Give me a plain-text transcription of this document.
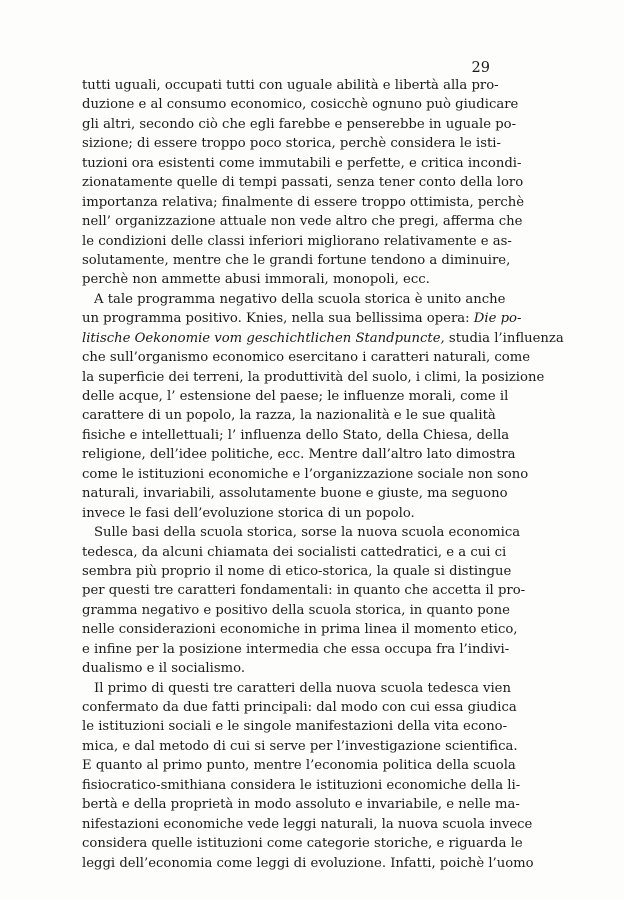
29
tutti uguali, occupati tutti con uguale abilità e libertà alla pro-
duzione e al consumo economico, cosicchè ognuno può giudicare
gli altri, secondo ciò che egli farebbe e penserebbe in uguale po-
sizione; di essere troppo poco storica, perchè considera le isti-
tuzioni ora esistenti come immutabili e perfette, e critica incondi-
zionatamente quelle di tempi passati, senza tener conto della loro
importanza relativa; finalmente di essere troppo ottimista, perchè
nell’ organizzazione attuale non vede altro che pregi, afferma che
le condizioni delle classi inferiori migliorano relativamente e as-
solutamente, mentre che le grandi fortune tendono a diminuire,
perchè non ammette abusi immorali, monopoli, ecc.
A tale programma negativo della scuola storica è unito anche
un programma positivo. Knies, nella sua bellissima opera: Die po-
litische Oekonomie vom geschichtlichen Standpuncte, studia l’influenza
che sull’organismo economico esercitano i caratteri naturali, come
la superficie dei terreni, la produttività del suolo, i climi, la posizione
delle acque, l’ estensione del paese; le influenze morali, come il
carattere di un popolo, la razza, la nazionalità e le sue qualità
fisiche e intellettuali; l’ influenza dello Stato, della Chiesa, della
religione, dell’idee politiche, ecc. Mentre dall’altro lato dimostra
come le istituzioni economiche e l’organizzazione sociale non sono
naturali, invariabili, assolutamente buone e giuste, ma seguono
invece le fasi dell’evoluzione storica di un popolo.
Sulle basi della scuola storica, sorse la nuova scuola economica
tedesca, da alcuni chiamata dei socialisti cattedratici, e a cui ci
sembra più proprio il nome di etico-storica, la quale si distingue
per questi tre caratteri fondamentali: in quanto che accetta il pro-
gramma negativo e positivo della scuola storica, in quanto pone
nelle considerazioni economiche in prima linea il momento etico,
e infine per la posizione intermedia che essa occupa fra l’indivi-
dualismo e il socialismo.
Il primo di questi tre caratteri della nuova scuola tedesca vien
confermato da due fatti principali: dal modo con cui essa giudica
le istituzioni sociali e le singole manifestazioni della vita econo-
mica, e dal metodo di cui si serve per l’investigazione scientifica.
E quanto al primo punto, mentre l’economia politica della scuola
fisiocratico-smithiana considera le istituzioni economiche della li-
bertà e della proprietà in modo assoluto e invariabile, e nelle ma-
nifestazioni economiche vede leggi naturali, la nuova scuola invece
considera quelle istituzioni come categorie storiche, e riguarda le
leggi dell’economia come leggi di evoluzione. Infatti, poichè l’uomo
